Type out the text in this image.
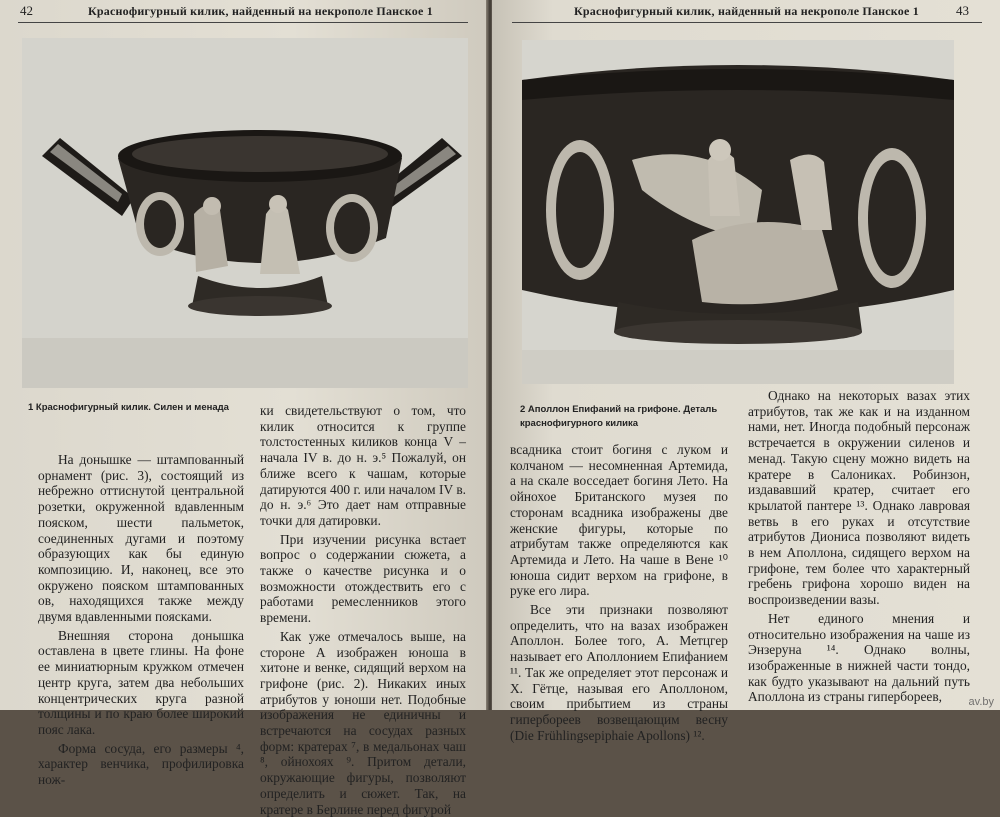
42	Краснофигурный килик, найденный на некрополе Панское 1
1 Краснофигурный килик. Силен и менада

На донышке — штампованный орнамент (рис. 3), состоящий из небрежно оттиснутой центральной розетки, окруженной вдавленным пояском, шести пальметок, соединенных дугами и поэтому образующих как бы единую композицию. И, наконец, все это окружено пояском штампованных ов, находящихся также между двумя вдавленными поясками.

Внешняя сторона донышка оставлена в цвете глины. На фоне ее миниатюрным кружком отмечен центр круга, затем два небольших концентрических круга разной толщины и по краю более широкий пояс лака.

Форма сосуда, его размеры ⁴, характер венчика, профилировка нож-

ки свидетельствуют о том, что килик относится к группе толстостенных киликов конца V – начала IV в. до н. э.⁵ Пожалуй, он ближе всего к чашам, которые датируются 400 г. или началом IV в. до н. э.⁶ Это дает нам отправные точки для датировки.

При изучении рисунка встает вопрос о содержании сюжета, а также о качестве рисунка и о возможности отождествить его с работами ремесленников этого времени.

Как уже отмечалось выше, на стороне А изображен юноша в хитоне и венке, сидящий верхом на грифоне (рис. 2). Никаких иных атрибутов у юноши нет. Подобные изображения не единичны и встречаются на сосудах разных форм: кратерах ⁷, в медальонах чаш ⁸, ойнохоях ⁹. Притом детали, окружающие фигуры, позволяют определить и сюжет. Так, на кратере в Берлине перед фигурой

Краснофигурный килик, найденный на некрополе Панское 1	43
2 Аполлон Епифаний на грифоне. Деталь краснофигурного килика

всадника стоит богиня с луком и колчаном — несомненная Артемида, а на скале восседает богиня Лето. На ойнохое Британского музея по сторонам всадника изображены две женские фигуры, которые по атрибутам также определяются как Артемида и Лето. На чаше в Вене ¹⁰ юноша сидит верхом на грифоне, в руке его лира.

Все эти признаки позволяют определить, что на вазах изображен Аполлон. Более того, А. Метцгер называет его Аполлонием Епифанием ¹¹. Так же определяет этот персонаж и Х. Гётце, называя его Аполлоном, своим прибытием из страны гипербореев возвещающим весну (Die Frühlingsepiphaie Apollons) ¹².

Однако на некоторых вазах этих атрибутов, так же как и на изданном нами, нет. Иногда подобный персонаж встречается в окружении силенов и менад. Такую сцену можно видеть на кратере в Салониках. Робинзон, издававший кратер, считает его крылатой пантере ¹³. Однако лавровая ветвь в его руках и отсутствие атрибутов Диониса позволяют видеть в нем Аполлона, сидящего верхом на грифоне, тем более что характерный гребень грифона хорошо виден на воспроизведении вазы.

Нет единого мнения и относительно изображения на чаше из Энзеруна ¹⁴. Однако волны, изображенные в нижней части тондо, как будто указывают на дальний путь Аполлона из страны гипербореев,	av.by
